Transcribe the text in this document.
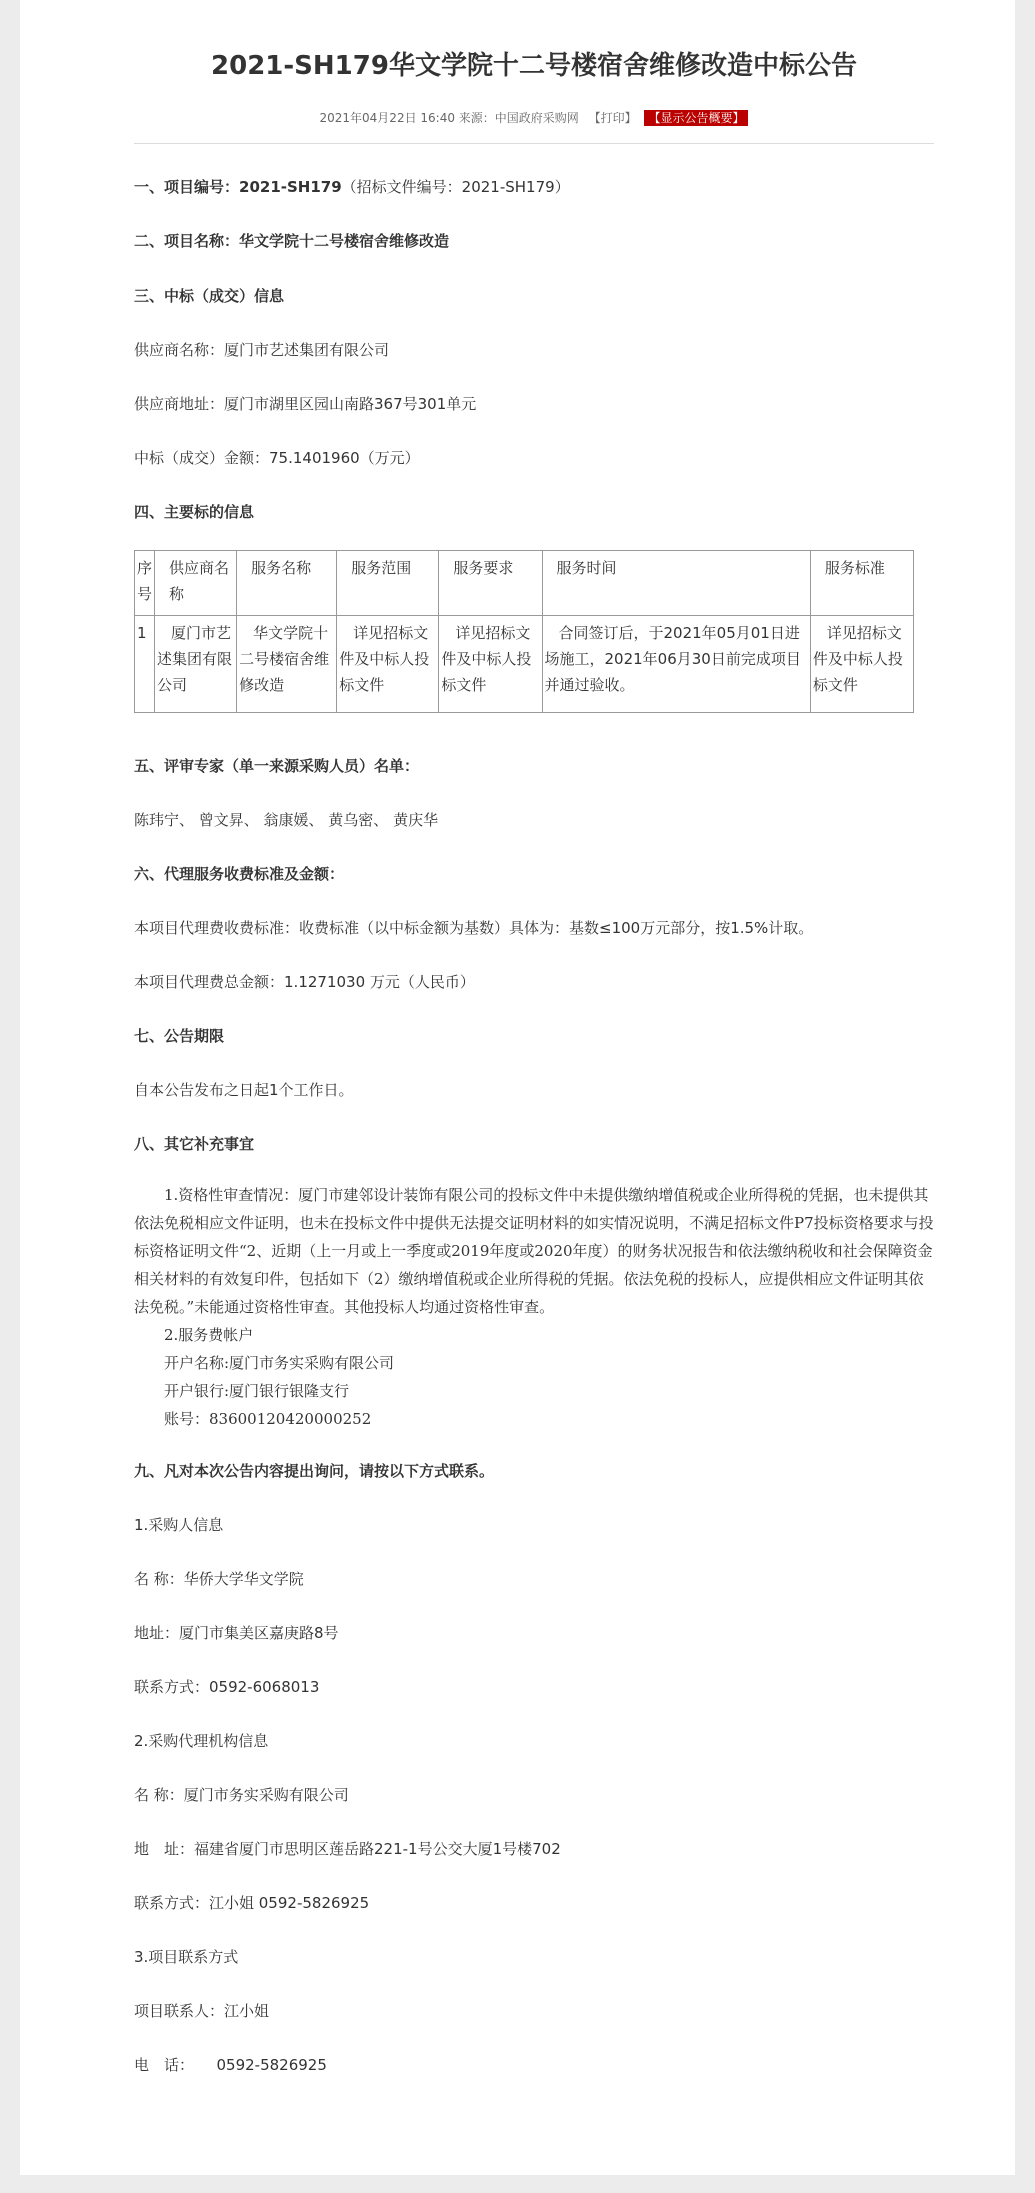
2021-SH179华文学院十二号楼宿舍维修改造中标公告
2021年04月22日 16:40 来源：中国政府采购网 【打印】 【显示公告概要】
一、项目编号：2021-SH179（招标文件编号：2021-SH179）
二、项目名称：华文学院十二号楼宿舍维修改造
三、中标（成交）信息
供应商名称：厦门市艺述集团有限公司
供应商地址：厦门市湖里区园山南路367号301单元
中标（成交）金额：75.1401960（万元）
四、主要标的信息
序号	供应商名称	服务名称	服务范围	服务要求	服务时间	服务标准
1	厦门市艺述集团有限公司	华文学院十二号楼宿舍维修改造	详见招标文件及中标人投标文件	详见招标文件及中标人投标文件	合同签订后，于2021年05月01日进场施工，2021年06月30日前完成项目并通过验收。	详见招标文件及中标人投标文件
五、评审专家（单一来源采购人员）名单：
陈玮宁、 曾文昇、 翁康媛、 黄乌密、 黄庆华
六、代理服务收费标准及金额：
本项目代理费收费标准：收费标准（以中标金额为基数）具体为：基数≤100万元部分，按1.5%计取。
本项目代理费总金额：1.1271030 万元（人民币）
七、公告期限
自本公告发布之日起1个工作日。
八、其它补充事宜
1.资格性审查情况：厦门市建邻设计装饰有限公司的投标文件中未提供缴纳增值税或企业所得税的凭据，也未提供其依法免税相应文件证明，也未在投标文件中提供无法提交证明材料的如实情况说明，不满足招标文件P7投标资格要求与投标资格证明文件“2、近期（上一月或上一季度或2019年度或2020年度）的财务状况报告和依法缴纳税收和社会保障资金相关材料的有效复印件，包括如下（2）缴纳增值税或企业所得税的凭据。依法免税的投标人，应提供相应文件证明其依法免税。”未能通过资格性审查。其他投标人均通过资格性审查。
2.服务费帐户
开户名称:厦门市务实采购有限公司
开户银行:厦门银行银隆支行
账号：83600120420000252
九、凡对本次公告内容提出询问，请按以下方式联系。
1.采购人信息
名 称：华侨大学华文学院
地址：厦门市集美区嘉庚路8号
联系方式：0592-6068013
2.采购代理机构信息
名 称：厦门市务实采购有限公司
地　址：福建省厦门市思明区莲岳路221-1号公交大厦1号楼702
联系方式：江小姐 0592-5826925
3.项目联系方式
项目联系人：江小姐
电　话：　　0592-5826925
